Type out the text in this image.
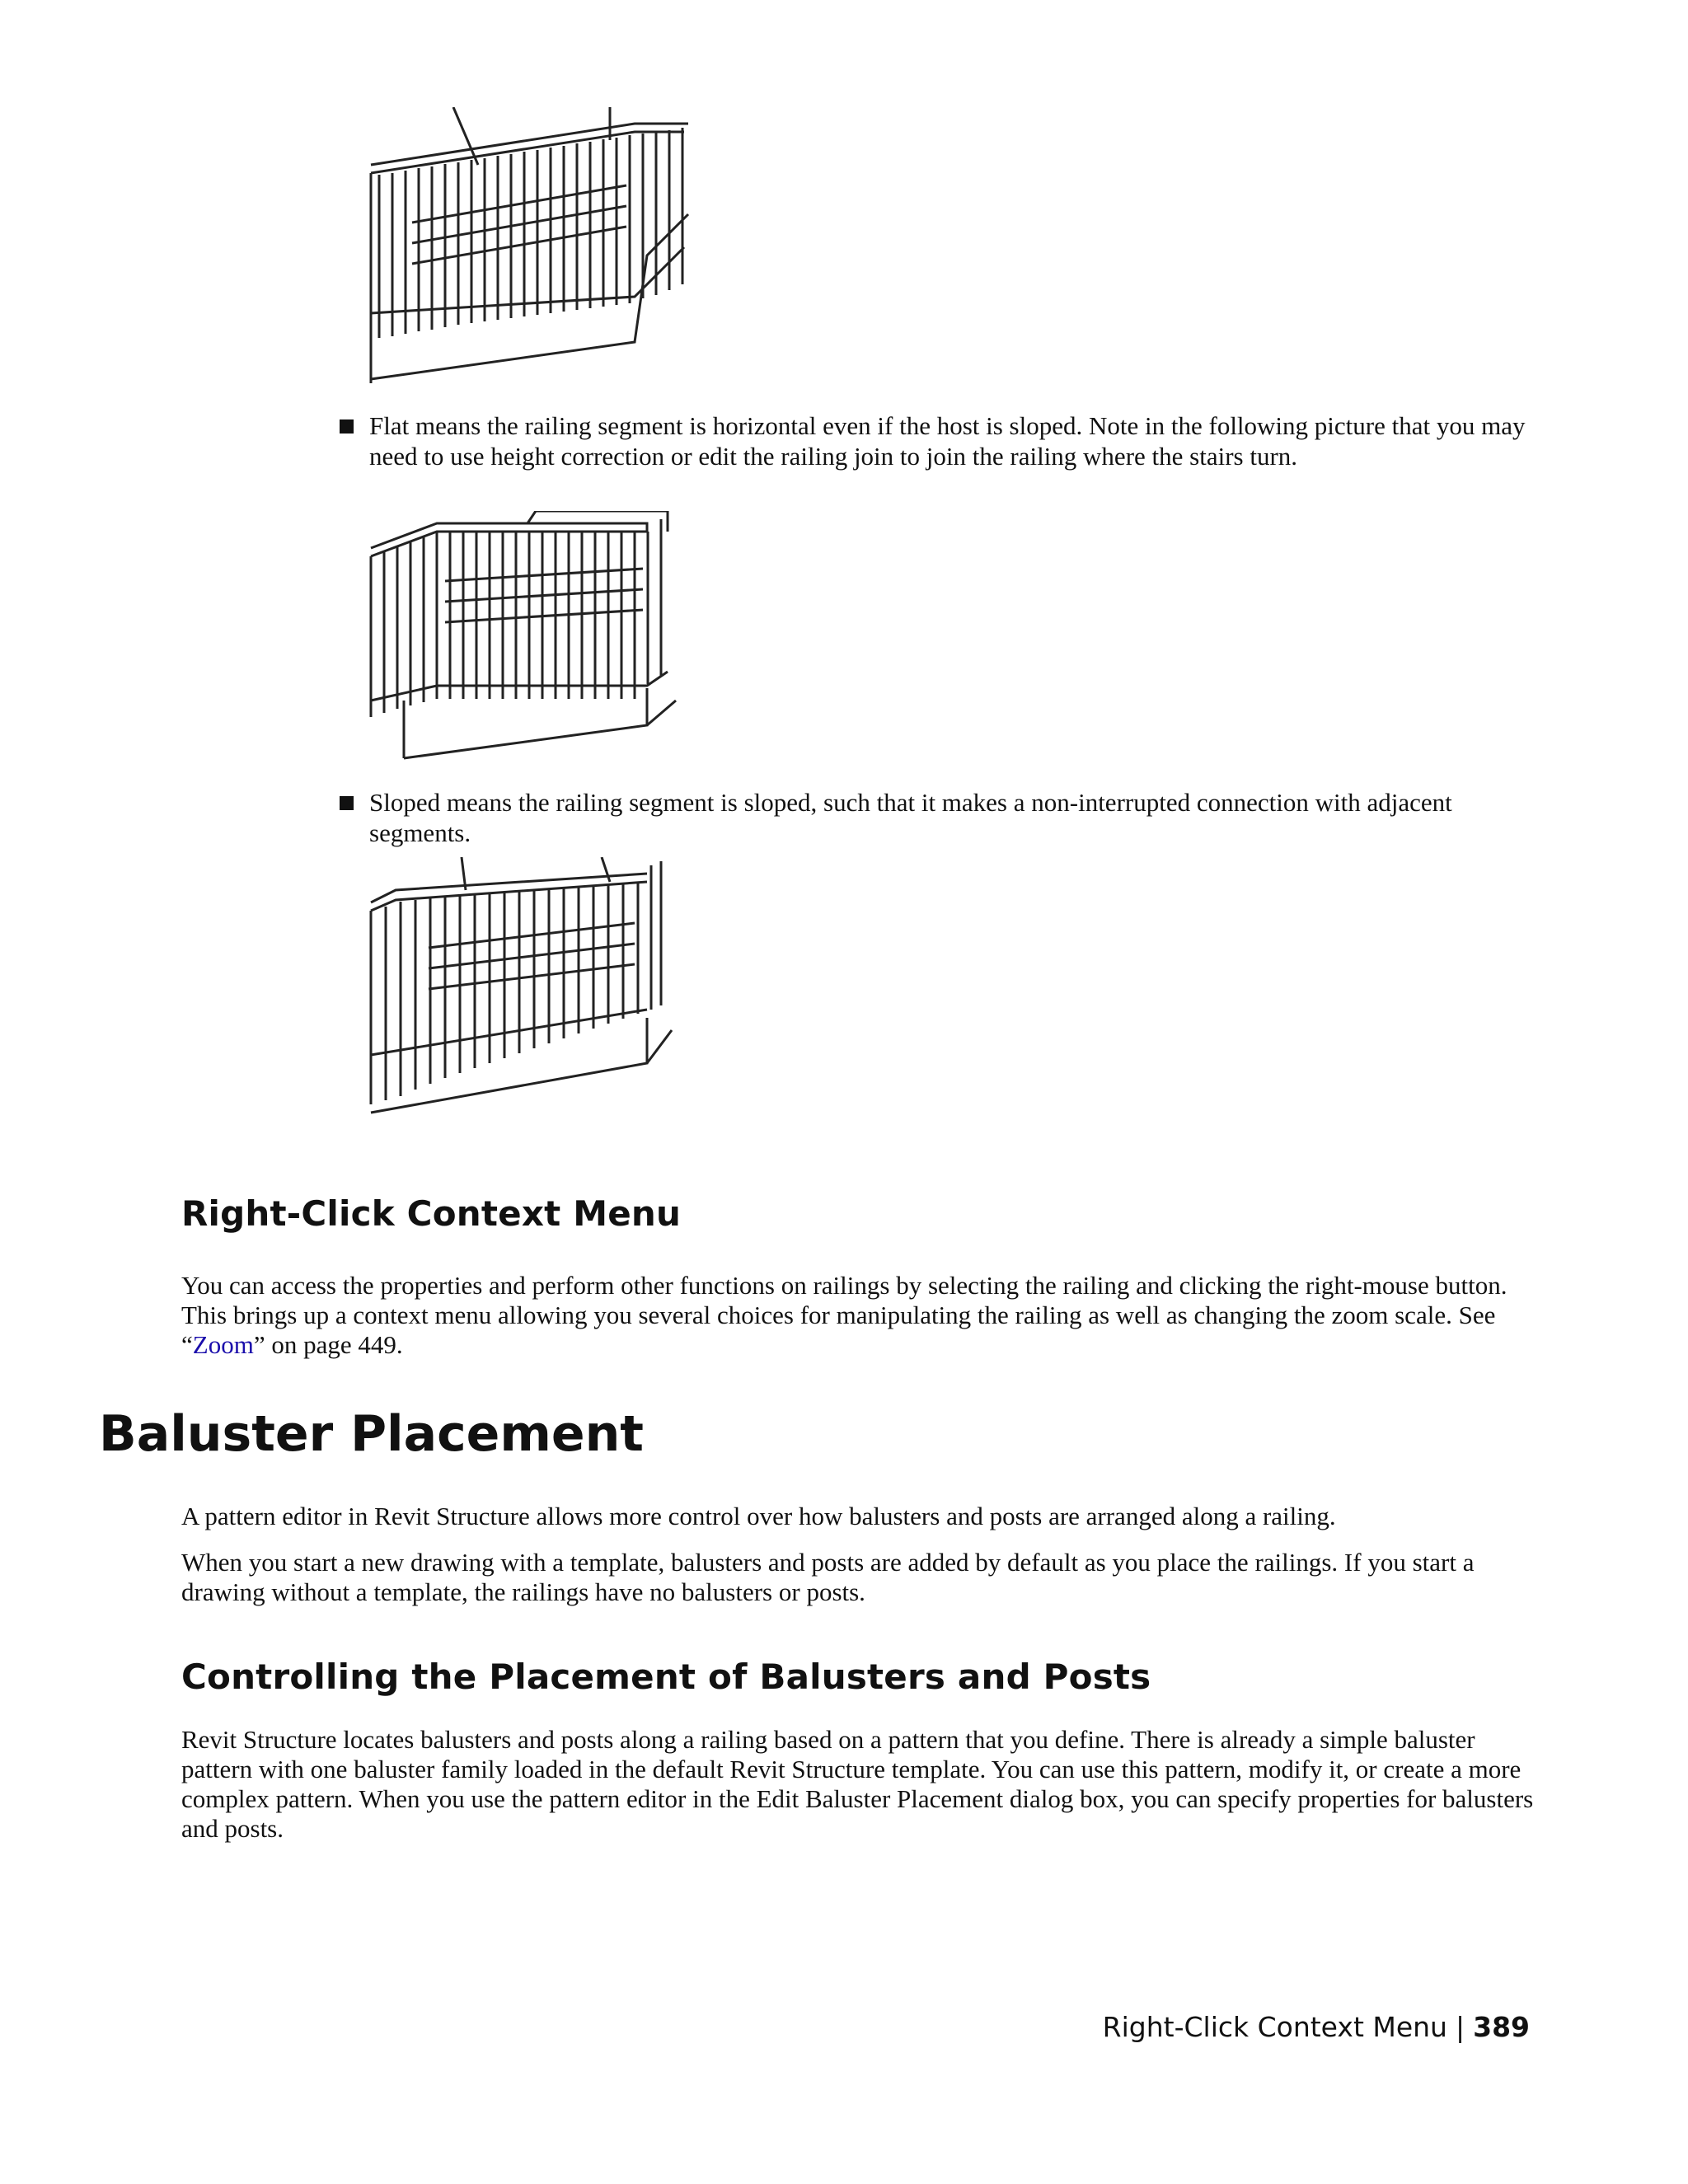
Flat means the railing segment is horizontal even if the host is sloped. Note in the following picture that you may need to use height correction or edit the railing join to join the railing where the stairs turn.
Sloped means the railing segment is sloped, such that it makes a non-interrupted connection with adjacent segments.
Right-Click Context Menu
You can access the properties and perform other functions on railings by selecting the railing and clicking the right-mouse button. This brings up a context menu allowing you several choices for manipulating the railing as well as changing the zoom scale. See “Zoom” on page 449.
Baluster Placement
A pattern editor in Revit Structure allows more control over how balusters and posts are arranged along a railing.
When you start a new drawing with a template, balusters and posts are added by default as you place the railings. If you start a drawing without a template, the railings have no balusters or posts.
Controlling the Placement of Balusters and Posts
Revit Structure locates balusters and posts along a railing based on a pattern that you define. There is already a simple baluster pattern with one baluster family loaded in the default Revit Structure template. You can use this pattern, modify it, or create a more complex pattern. When you use the pattern editor in the Edit Baluster Placement dialog box, you can specify properties for balusters and posts.
Right-Click Context Menu | 389
